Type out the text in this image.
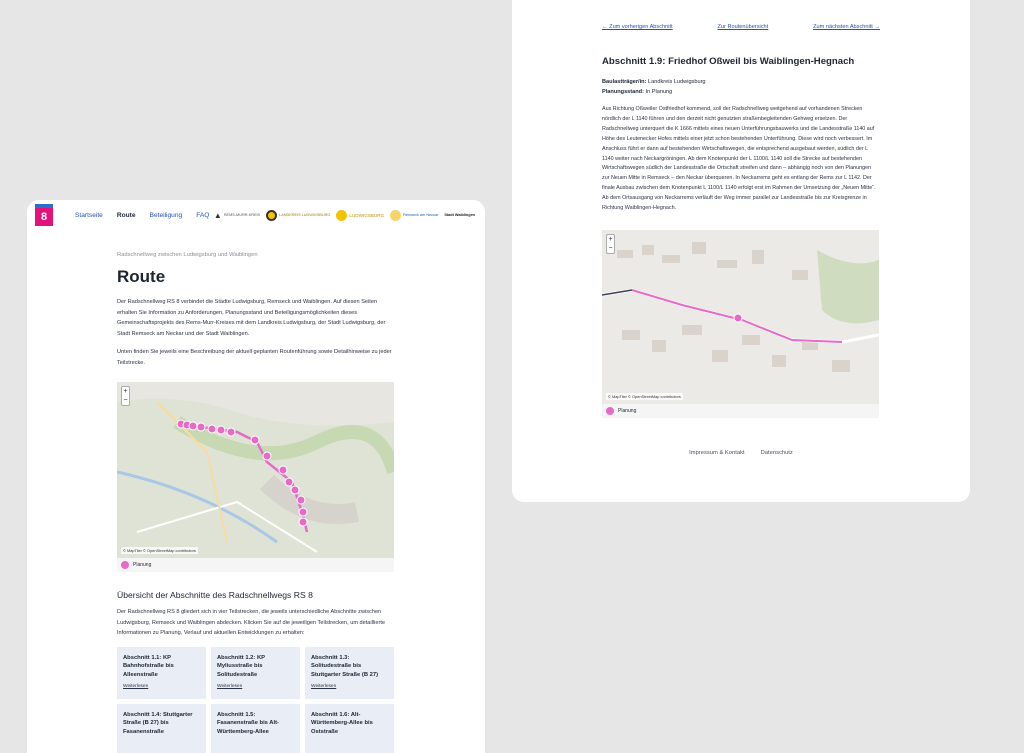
8	Startseite Route Beteiligung FAQ ▲ REMS-MURR-KREIS	LANDKREIS LUDWIGSBURG	LUDWIGSBURG	Remseck am Neckar Stadt Waiblingen
Radschnellweg zwischen Ludwigsburg und Waiblingen
Route

Der Radschnellweg RS 8 verbindet die Städte Ludwigsburg, Remseck und Waiblingen. Auf diesen Seiten erhalten Sie Information zu Anforderungen, Planungsstand und Beteiligungsmöglichkeiten dieses Gemeinschaftsprojekts des Rems-Murr-Kreises mit dem Landkreis Ludwigsburg, der Stadt Ludwigsburg, der Stadt Remseck am Neckar und der Stadt Waiblingen.

Unten finden Sie jeweils eine Beschreibung der aktuell geplanten Routenführung sowie Detailhinweise zu jeder Teilstrecke.

+
−
© MapTiler © OpenStreetMap contributors
Planung
Übersicht der Abschnitte des Radschnellwegs RS 8

Der Radschnellweg RS 8 gliedert sich in vier Teilstrecken, die jeweils unterschiedliche Abschnitte zwischen Ludwigsburg, Remseck und Waiblingen abdecken. Klicken Sie auf die jeweiligen Teilstrecken, um detaillierte Informationen zu Planung, Verlauf und aktuellen Entwicklungen zu erhalten:

Abschnitt 1.1: KP Bahnhofstraße bis Alleenstraße
Weiterlesen
Abschnitt 1.2: KP Myliusstraße bis Solitudestraße
Weiterlesen
Abschnitt 1.3: Solitudestraße bis Stuttgarter Straße (B 27)
Weiterlesen
Abschnitt 1.4: Stuttgarter Straße (B 27) bis Fasanenstraße
Abschnitt 1.5: Fasanenstraße bis Alt-Württemberg-Allee
Abschnitt 1.6: Alt-Württemberg-Allee bis Oststraße
← Zum vorherigen Abschnitt	Zur Routenübersicht	Zum nächsten Abschnitt →
Abschnitt 1.9: Friedhof Oßweil bis Waiblingen-Hegnach
Baulastträger/in: Landkreis Ludwigsburg
Planungsstand: In Planung

Aus Richtung Oßweiler Ostfriedhof kommend, soll der Radschnellweg weitgehend auf vorhandenen Strecken nördlich der L 1140 führen und den derzeit nicht genutzten straßenbegleitenden Gehweg ersetzen. Der Radschnellweg unterquert die K 1666 mittels eines neuen Unterführungsbauwerks und die Landesstraße 1140 auf Höhe des Leutenecker Hofes mittels einer jetzt schon bestehenden Unterführung. Diese wird noch verbessert. Im Anschluss führt er dann auf bestehenden Wirtschaftswegen, die entsprechend ausgebaut werden, südlich der L 1140 weiter nach Neckargröningen. Ab dem Knotenpunkt der L 1100/L 1140 soll die Strecke auf bestehenden Wirtschaftswegen südlich der Landesstraße die Ortschaft streifen und dann – abhängig noch von den Planungen zur Neuen Mitte in Remseck – den Neckar überqueren. In Neckarrems geht es entlang der Rems zur L 1142. Der finale Ausbau zwischen dem Knotenpunkt L 1100/L 1140 erfolgt erst im Rahmen der Umsetzung der „Neuen Mitte“. Ab dem Ortsausgang von Neckarrems verläuft der Weg immer parallel zur Landesstraße bis zur Kreisgrenze in Richtung Waiblingen-Hegnach.

+
−
© MapTiler © OpenStreetMap contributors
Planung
Impressum & Kontakt	Datenschutz
